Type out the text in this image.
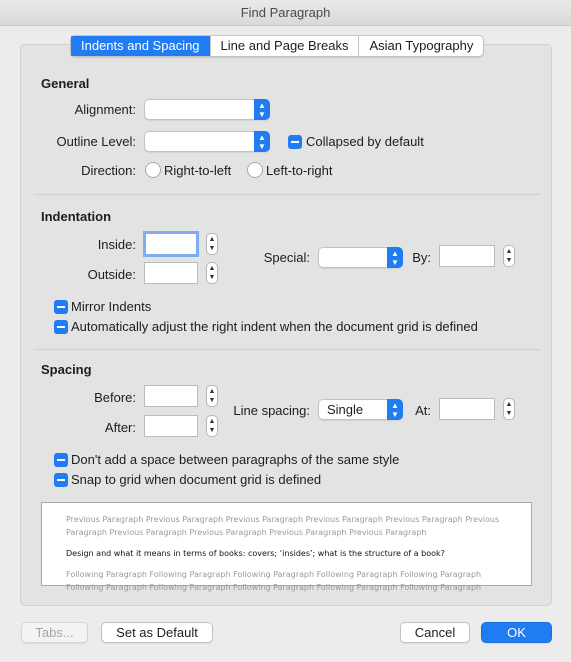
Find Paragraph
Indents and Spacing	Line and Page Breaks	Asian Typography
General
Alignment:	▲
▼
Outline Level:	▲
▼	Collapsed by default
Direction: Right-to-left	Left-to-right
Indentation
Inside:	▲
▼
Outside:	▲
▼
Special:	▲
▼	By:	▲
▼
Mirror Indents
Automatically adjust the right indent when the document grid is defined
Spacing
Before:	▲
▼
After:	▲
▼
Line spacing: Single	▲
▼	At:	▲
▼
Don't add a space between paragraphs of the same style
Snap to grid when document grid is defined
Previous Paragraph Previous Paragraph Previous Paragraph Previous Paragraph Previous Paragraph Previous Paragraph Previous Paragraph Previous Paragraph Previous Paragraph Previous Paragraph
Design and what it means in terms of books: covers; ‘insides’; what is the structure of a book?
Following Paragraph Following Paragraph Following Paragraph Following Paragraph Following Paragraph Following Paragraph Following Paragraph Following Paragraph Following Paragraph Following Paragraph
Tabs...	Set as Default	Cancel	OK
